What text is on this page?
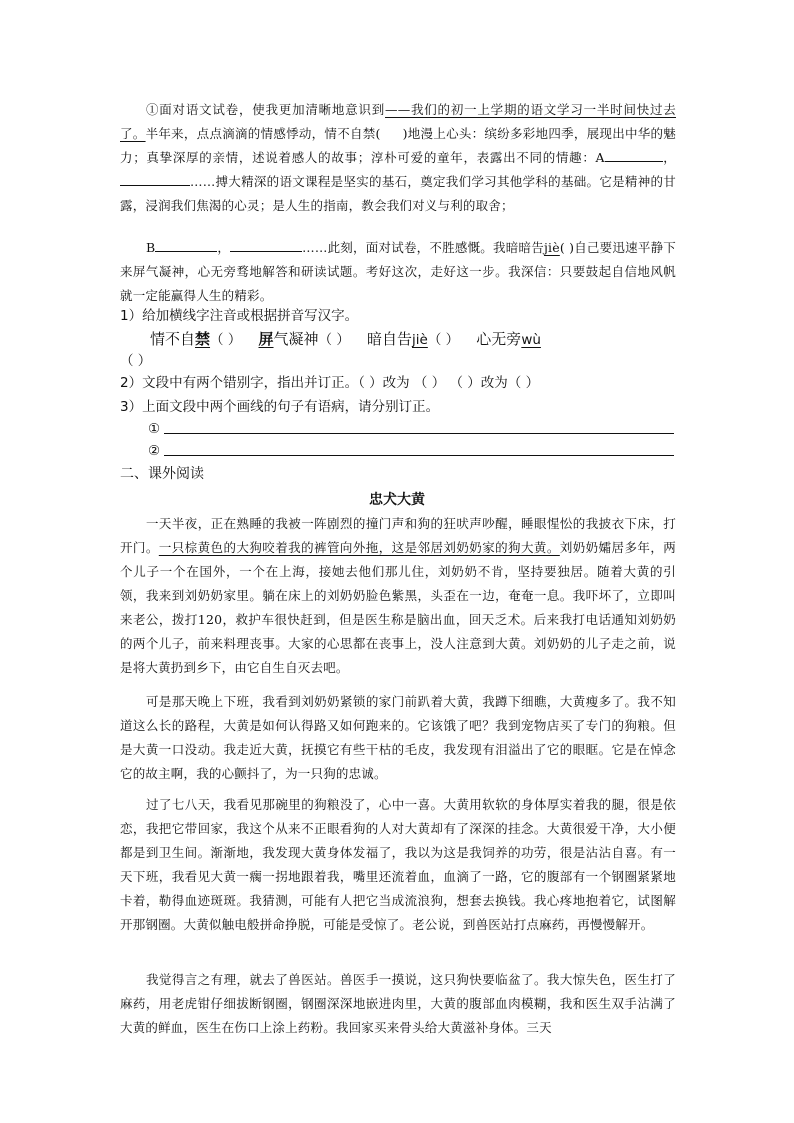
①面对语文试卷，使我更加清晰地意识到——我们的初一上学期的语文学习一半时间快过去了。半年来，点点滴滴的情感悸动，情不自禁( )地漫上心头：缤纷多彩地四季，展现出中华的魅力；真挚深厚的亲情，述说着感人的故事；淳朴可爱的童年，表露出不同的情趣：A	，……搏大精深的语文课程是坚实的基石，奠定我们学习其他学科的基础。它是精神的甘露，浸润我们焦渴的心灵；是人生的指南，教会我们对义与利的取舍；

B	，	……此刻，面对试卷，不胜感慨。我暗暗告jiè( )自己要迅速平静下来屏气凝神，心无旁骛地解答和研读试题。考好这次，走好这一步。我深信：只要鼓起自信地风帆就一定能赢得人生的精彩。

1）给加横线字注音或根据拼音写汉字。

情不自禁（ ） 屏气凝神（ ） 暗自告jiè（ ） 心无旁wù

（ ）

2）文段中有两个错别字，指出并订正。（ ）改为 （ ） （ ）改为（ ）

3）上面文段中两个画线的句子有语病，请分别订正。

①
②
二、课外阅读
忠犬大黄

一天半夜，正在熟睡的我被一阵剧烈的撞门声和狗的狂吠声吵醒，睡眼惺忪的我披衣下床，打开门。一只棕黄色的大狗咬着我的裤管向外拖，这是邻居刘奶奶家的狗大黄。刘奶奶孀居多年，两个儿子一个在国外，一个在上海，接她去他们那儿住，刘奶奶不肯，坚持要独居。随着大黄的引领，我来到刘奶奶家里。躺在床上的刘奶奶脸色紫黑，头歪在一边，奄奄一息。我吓坏了，立即叫来老公，拨打120，救护车很快赶到，但是医生称是脑出血，回天乏术。后来我打电话通知刘奶奶的两个儿子，前来料理丧事。大家的心思都在丧事上，没人注意到大黄。刘奶奶的儿子走之前，说是将大黄扔到乡下，由它自生自灭去吧。

可是那天晚上下班，我看到刘奶奶紧锁的家门前趴着大黄，我蹲下细瞧，大黄瘦多了。我不知道这么长的路程，大黄是如何认得路又如何跑来的。它该饿了吧？我到宠物店买了专门的狗粮。但是大黄一口没动。我走近大黄，抚摸它有些干枯的毛皮，我发现有泪溢出了它的眼眶。它是在悼念它的故主啊，我的心颤抖了，为一只狗的忠诚。

过了七八天，我看见那碗里的狗粮没了，心中一喜。大黄用软软的身体厚实着我的腿，很是依恋，我把它带回家，我这个从来不正眼看狗的人对大黄却有了深深的挂念。大黄很爱干净，大小便都是到卫生间。渐渐地，我发现大黄身体发福了，我以为这是我饲养的功劳，很是沾沾自喜。有一天下班，我看见大黄一瘸一拐地跟着我，嘴里还流着血，血滴了一路，它的腹部有一个钢圈紧紧地卡着，勒得血迹斑斑。我猜测，可能有人把它当成流浪狗，想套去换钱。我心疼地抱着它，试图解开那钢圈。大黄似触电般拼命挣脱，可能是受惊了。老公说，到兽医站打点麻药，再慢慢解开。

我觉得言之有理，就去了兽医站。兽医手一摸说，这只狗快要临盆了。我大惊失色，医生打了麻药，用老虎钳仔细拔断钢圈，钢圈深深地嵌进肉里，大黄的腹部血肉模糊，我和医生双手沾满了大黄的鲜血，医生在伤口上涂上药粉。我回家买来骨头给大黄滋补身体。三天
